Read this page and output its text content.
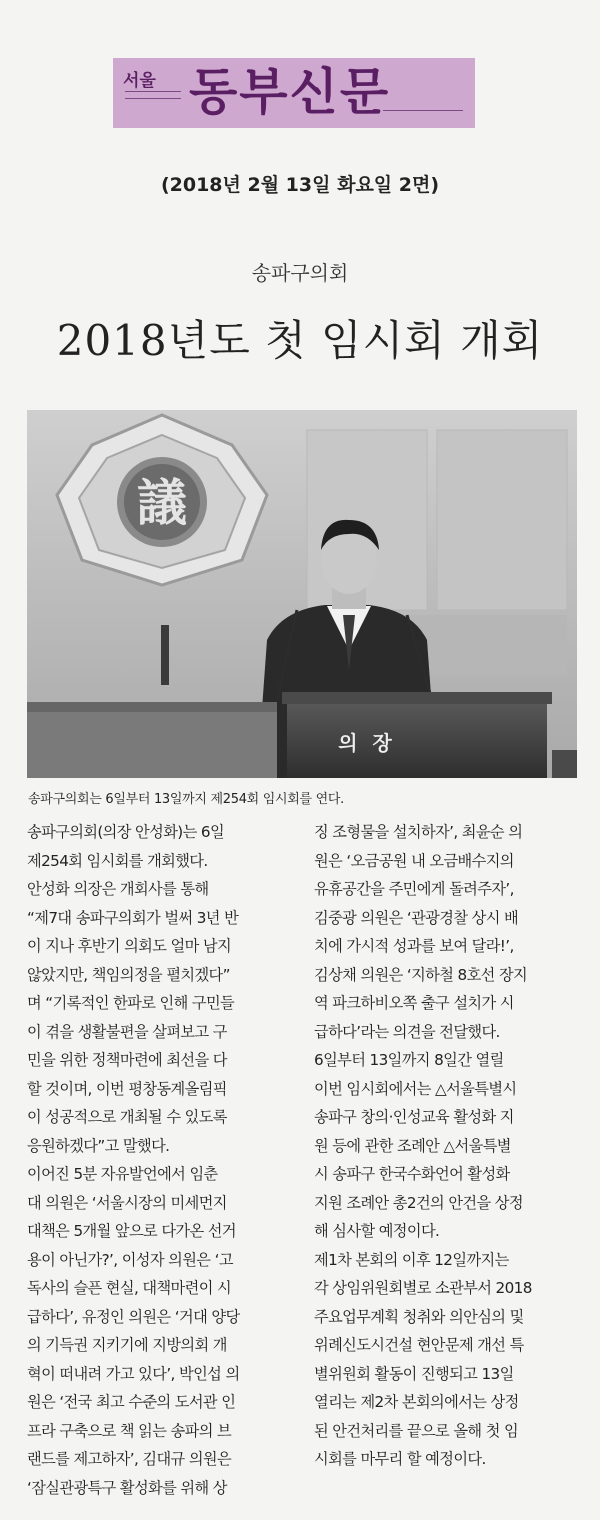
서울 동부신문
(2018년 2월 13일 화요일 2면)
송파구의회
2018년도 첫 임시회 개회
議
의 장
송파구의회는 6일부터 13일까지 제254회 임시회를 연다.

송파구의회(의장 안성화)는 6일

제254회 임시회를 개회했다.

안성화 의장은 개회사를 통해

“제7대 송파구의회가 벌써 3년 반

이 지나 후반기 의회도 얼마 남지

않았지만, 책임의정을 펼치겠다”

며 “기록적인 한파로 인해 구민들

이 겪을 생활불편을 살펴보고 구

민을 위한 정책마련에 최선을 다

할 것이며, 이번 평창동계올림픽

이 성공적으로 개최될 수 있도록

응원하겠다”고 말했다.

이어진 5분 자유발언에서 임춘

대 의원은 ‘서울시장의 미세먼지

대책은 5개월 앞으로 다가온 선거

용이 아닌가?’, 이성자 의원은 ‘고

독사의 슬픈 현실, 대책마련이 시

급하다’, 유정인 의원은 ‘거대 양당

의 기득권 지키기에 지방의회 개

혁이 떠내려 가고 있다’, 박인섭 의

원은 ‘전국 최고 수준의 도서관 인

프라 구축으로 책 읽는 송파의 브

랜드를 제고하자’, 김대규 의원은

‘잠실관광특구 활성화를 위해 상

징 조형물을 설치하자’, 최윤순 의

원은 ‘오금공원 내 오금배수지의

유휴공간을 주민에게 돌려주자’,

김중광 의원은 ‘관광경찰 상시 배

치에 가시적 성과를 보여 달라!’,

김상채 의원은 ‘지하철 8호선 장지

역 파크하비오쪽 출구 설치가 시

급하다’라는 의견을 전달했다.

6일부터 13일까지 8일간 열릴

이번 임시회에서는 △서울특별시

송파구 창의·인성교육 활성화 지

원 등에 관한 조례안 △서울특별

시 송파구 한국수화언어 활성화

지원 조례안 총2건의 안건을 상정

해 심사할 예정이다.

제1차 본회의 이후 12일까지는

각 상임위원회별로 소관부서 2018

주요업무계획 청취와 의안심의 및

위례신도시건설 현안문제 개선 특

별위원회 활동이 진행되고 13일

열리는 제2차 본회의에서는 상정

된 안건처리를 끝으로 올해 첫 임

시회를 마무리 할 예정이다.
